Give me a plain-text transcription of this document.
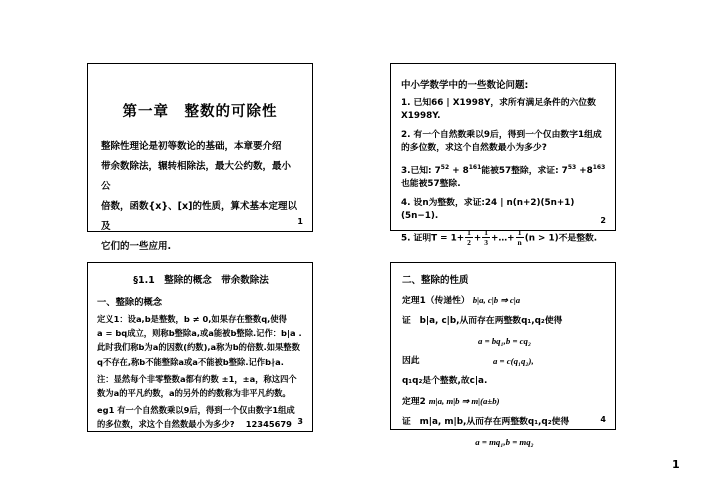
第一章　整数的可除性
整除性理论是初等数论的基础，本章要介绍
带余数除法，辗转相除法，最大公约数，最小公
倍数，函数{x}、[x]的性质，算术基本定理以及
它们的一些应用.
1
中小学数学中的一些数论问题:
1. 已知66 | X1998Y，求所有满足条件的六位数X1998Y.
2. 有一个自然数乘以9后，得到一个仅由数字1组成的多位数，求这个自然数最小为多少?
3.已知: $7^{52} + 8^{161}$能被57整除，求证: $7^{53} +8^{163}$也能被57整除.
4. 设n为整数，求证:24 | n(n+2)(5n+1)(5n−1).
5. 证明$T = 1+ \frac{1}{2} + \frac{1}{3}$ +…+ $\frac{1}{n} (n > 1)$不是整数.
2
§1.1　整除的概念　带余数除法
一、整除的概念
定义1：设a,b是整数，b ≠ 0,如果存在整数q,使得
a = bq成立，则称b整除a,或a能被b整除.记作：b|a .
此时我们称b为a的因数(约数),a称为b的倍数.如果整数
q不存在,称b不能整除a或a不能被b整除.记作b∤a.
注：显然每个非零整数a都有约数 ±1，±a，称这四个
数为a的平凡约数，a的另外的约数称为非平凡约数。
eg1 有一个自然数乘以9后，得到一个仅由数字1组成
的多位数，求这个自然数最小为多少?　 12345679 3
二、整除的性质
定理1（传递性） b|a, c|b ⇒ c|a
证　b|a, c|b,从而存在两整数q₁,q₂使得
a = bq₁,b = cq₂
因此	a = c(q₁q₂),
q₁q₂是个整数,故c|a.
定理2 m|a, m|b ⇒ m|(a±b)
证　m|a, m|b,从而存在两整数q₁,q₂使得
a = mq₁,b = mq₂
4
1
